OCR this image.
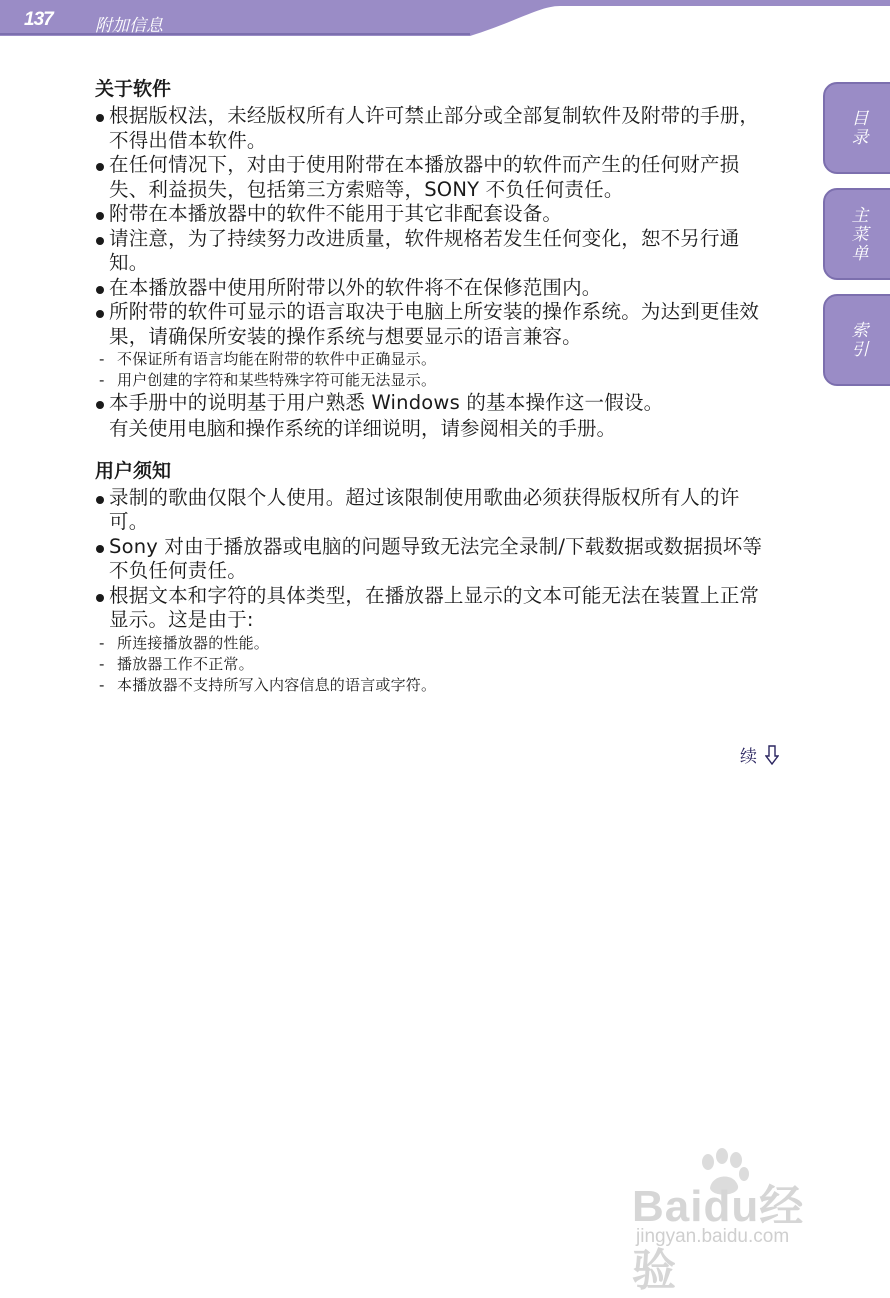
137 附加信息
目录
主菜单
索引
关于软件
根据版权法，未经版权所有人许可禁止部分或全部复制软件及附带的手册，不得出借本软件。
在任何情况下，对由于使用附带在本播放器中的软件而产生的任何财产损失、利益损失，包括第三方索赔等，SONY 不负任何责任。
附带在本播放器中的软件不能用于其它非配套设备。
请注意，为了持续努力改进质量，软件规格若发生任何变化，恕不另行通知。
在本播放器中使用所附带以外的软件将不在保修范围内。
所附带的软件可显示的语言取决于电脑上所安装的操作系统。为达到更佳效果，请确保所安装的操作系统与想要显示的语言兼容。
- 不保证所有语言均能在附带的软件中正确显示。
- 用户创建的字符和某些特殊字符可能无法显示。
本手册中的说明基于用户熟悉 Windows 的基本操作这一假设。
有关使用电脑和操作系统的详细说明，请参阅相关的手册。
用户须知
录制的歌曲仅限个人使用。超过该限制使用歌曲必须获得版权所有人的许可。
Sony 对由于播放器或电脑的问题导致无法完全录制/下载数据或数据损坏等不负任何责任。
根据文本和字符的具体类型，在播放器上显示的文本可能无法在装置上正常显示。这是由于:
- 所连接播放器的性能。
- 播放器工作不正常。
- 本播放器不支持所写入内容信息的语言或字符。
续
Baidu经验
jingyan.baidu.com
